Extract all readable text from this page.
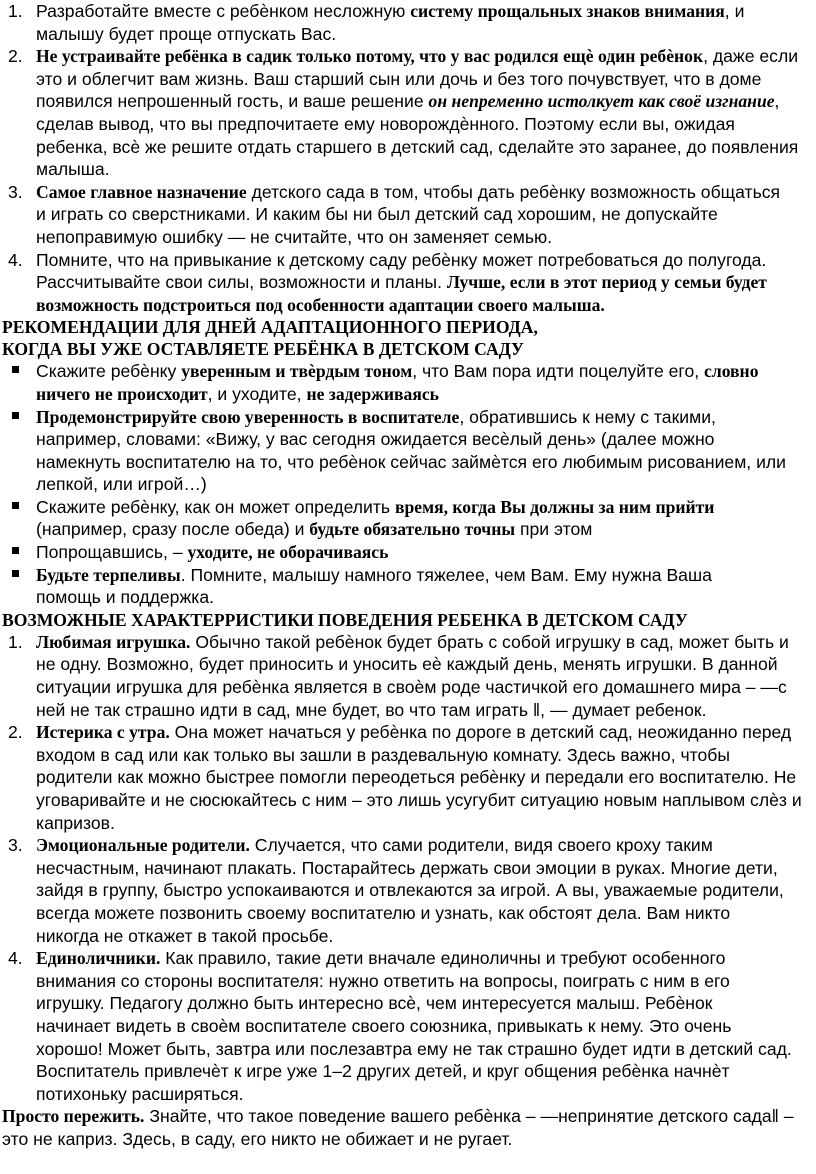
1. Разработайте вместе с ребѐнком несложную систему прощальных знаков внимания, и малышу будет проще отпускать Вас.
2. Не устраивайте ребёнка в садик только потому, что у вас родился ещѐ один ребѐнок, даже если это и облегчит вам жизнь. Ваш старший сын или дочь и без того почувствует, что в доме появился непрошенный гость, и ваше решение он непременно истолкует как своё изгнание, сделав вывод, что вы предпочитаете ему новорождѐнного. Поэтому если вы, ожидая ребенка, всѐ же решите отдать старшего в детский сад, сделайте это заранее, до появления малыша.
3. Самое главное назначение детского сада в том, чтобы дать ребѐнку возможность общаться и играть со сверстниками. И каким бы ни был детский сад хорошим, не допускайте непоправимую ошибку — не считайте, что он заменяет семью.
4. Помните, что на привыкание к детскому саду ребѐнку может потребоваться до полугода. Рассчитывайте свои силы, возможности и планы. Лучше, если в этот период у семьи будет возможность подстроиться под особенности адаптации своего малыша.
РЕКОМЕНДАЦИИ ДЛЯ ДНЕЙ АДАПТАЦИОННОГО ПЕРИОДА,
КОГДА ВЫ УЖЕ ОСТАВЛЯЕТЕ РЕБЁНКА В ДЕТСКОМ САДУ
Скажите ребѐнку уверенным и твѐрдым тоном, что Вам пора идти поцелуйте его, словно ничего не происходит, и уходите, не задерживаясь
Продемонстрируйте свою уверенность в воспитателе, обратившись к нему с такими, например, словами: «Вижу, у вас сегодня ожидается весѐлый день» (далее можно намекнуть воспитателю на то, что ребѐнок сейчас займѐтся его любимым рисованием, или лепкой, или игрой…)
Скажите ребѐнку, как он может определить время, когда Вы должны за ним прийти (например, сразу после обеда) и будьте обязательно точны при этом
Попрощавшись, – уходите, не оборачиваясь
Будьте терпеливы. Помните, малышу намного тяжелее, чем Вам. Ему нужна Ваша помощь и поддержка.
ВОЗМОЖНЫЕ ХАРАКТЕРРИСТИКИ ПОВЕДЕНИЯ РЕБЕНКА В ДЕТСКОМ САДУ
1. Любимая игрушка. Обычно такой ребѐнок будет брать с собой игрушку в сад, может быть и не одну. Возможно, будет приносить и уносить еѐ каждый день, менять игрушки. В данной ситуации игрушка для ребѐнка является в своѐм роде частичкой его домашнего мира – ―с ней не так страшно идти в сад, мне будет, во что там играть ‖, ― думает ребенок.
2. Истерика с утра. Она может начаться у ребѐнка по дороге в детский сад, неожиданно перед входом в сад или как только вы зашли в раздевальную комнату. Здесь важно, чтобы родители как можно быстрее помогли переодеться ребѐнку и передали его воспитателю. Не уговаривайте и не сюсюкайтесь с ним – это лишь усугубит ситуацию новым наплывом слѐз и капризов.
3. Эмоциональные родители. Случается, что сами родители, видя своего кроху таким несчастным, начинают плакать. Постарайтесь держать свои эмоции в руках. Многие дети, зайдя в группу, быстро успокаиваются и отвлекаются за игрой. А вы, уважаемые родители, всегда можете позвонить своему воспитателю и узнать, как обстоят дела. Вам никто никогда не откажет в такой просьбе.
4. Единоличники. Как правило, такие дети вначале единоличны и требуют особенного внимания со стороны воспитателя: нужно ответить на вопросы, поиграть с ним в его игрушку. Педагогу должно быть интересно всѐ, чем интересуется малыш. Ребѐнок начинает видеть в своѐм воспитателе своего союзника, привыкать к нему. Это очень хорошо! Может быть, завтра или послезавтра ему не так страшно будет идти в детский сад. Воспитатель привлечѐт к игре уже 1–2 других детей, и круг общения ребѐнка начнѐт потихоньку расширяться.
Просто пережить. Знайте, что такое поведение вашего ребѐнка – ―непринятие детского сада‖ – это не каприз. Здесь, в саду, его никто не обижает и не ругает.
